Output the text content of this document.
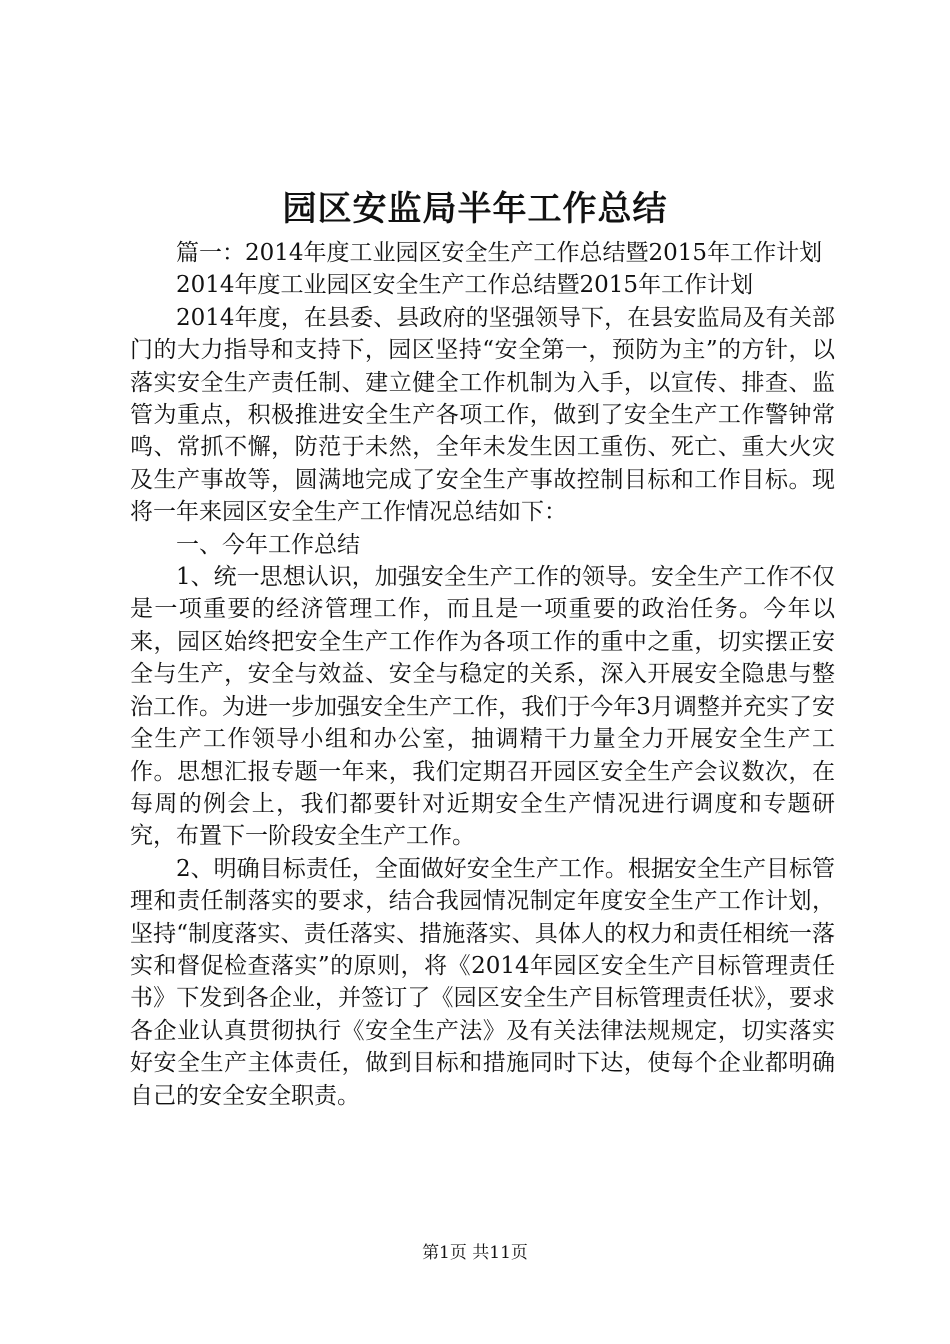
园区安监局半年工作总结

篇一：2014年度工业园区安全生产工作总结暨2015年工作计划

2014年度工业园区安全生产工作总结暨2015年工作计划

2014年度，在县委、县政府的坚强领导下，在县安监局及有关部门的大力指导和支持下，园区坚持“安全第一，预防为主”的方针，以落实安全生产责任制、建立健全工作机制为入手，以宣传、排查、监管为重点，积极推进安全生产各项工作，做到了安全生产工作警钟常鸣、常抓不懈，防范于未然，全年未发生因工重伤、死亡、重大火灾及生产事故等，圆满地完成了安全生产事故控制目标和工作目标。现将一年来园区安全生产工作情况总结如下：

一、今年工作总结

1、统一思想认识，加强安全生产工作的领导。安全生产工作不仅是一项重要的经济管理工作，而且是一项重要的政治任务。今年以来，园区始终把安全生产工作作为各项工作的重中之重，切实摆正安全与生产，安全与效益、安全与稳定的关系，深入开展安全隐患与整治工作。为进一步加强安全生产工作，我们于今年3月调整并充实了安全生产工作领导小组和办公室，抽调精干力量全力开展安全生产工作。思想汇报专题一年来，我们定期召开园区安全生产会议数次，在每周的例会上，我们都要针对近期安全生产情况进行调度和专题研究，布置下一阶段安全生产工作。

2、明确目标责任，全面做好安全生产工作。根据安全生产目标管理和责任制落实的要求，结合我园情况制定年度安全生产工作计划，坚持“制度落实、责任落实、措施落实、具体人的权力和责任相统一落实和督促检查落实”的原则，将《2014年园区安全生产目标管理责任书》下发到各企业，并签订了《园区安全生产目标管理责任状》，要求各企业认真贯彻执行《安全生产法》及有关法律法规规定，切实落实好安全生产主体责任，做到目标和措施同时下达，使每个企业都明确自己的安全安全职责。

第1页 共11页
